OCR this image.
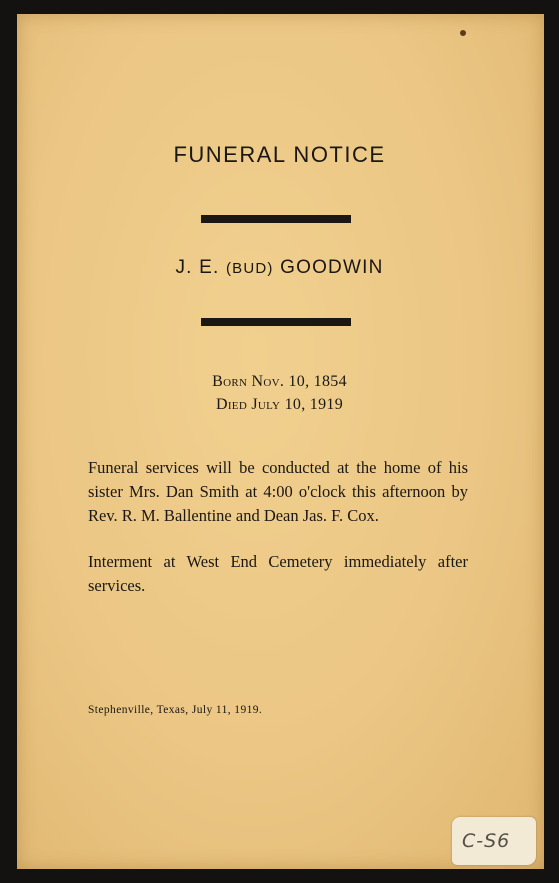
FUNERAL NOTICE
J. E. (BUD) GOODWIN
Born Nov. 10, 1854
Died July 10, 1919
Funeral services will be conducted at the home of his sister Mrs. Dan Smith at 4:00 o'clock this afternoon by Rev. R. M. Ballentine and Dean Jas. F. Cox.
Interment at West End Cemetery immediately after services.
Stephenville, Texas, July 11, 1919.
C-S6
